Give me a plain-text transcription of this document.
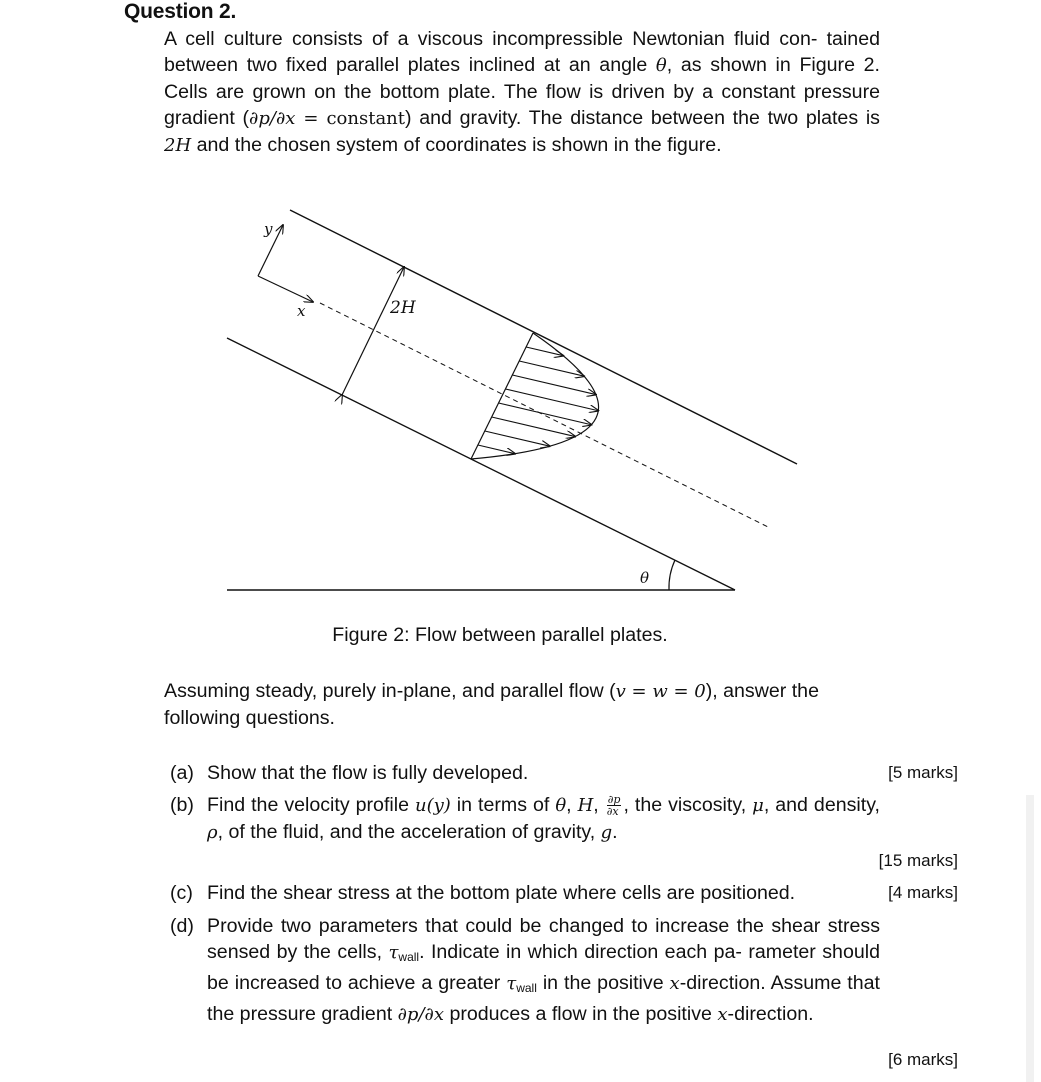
Question 2.
A cell culture consists of a viscous incompressible Newtonian fluid con- tained between two fixed parallel plates inclined at an angle θ, as shown in Figure 2. Cells are grown on the bottom plate. The flow is driven by a constant pressure gradient (∂p/∂x = constant) and gravity. The distance between the two plates is 2H and the chosen system of coordinates is shown in the figure.
y
x	2H
θ
Figure 2: Flow between parallel plates.
Assuming steady, purely in-plane, and parallel flow (v = w = 0), answer the following questions.
(a) Show that the flow is fully developed.	[5 marks]
(b) Find the velocity profile u(y) in terms of θ, H, $\frac{\partial p}{\partial x}$ , the viscosity, μ, and density, ρ, of the fluid, and the acceleration of gravity, g.
[15 marks]
(c) Find the shear stress at the bottom plate where cells are positioned.	[4 marks]
(d) Provide two parameters that could be changed to increase the shear stress sensed by the cells, $\tau_{wall}$. Indicate in which direction each pa- rameter should be increased to achieve a greater $\tau_{wall}$ in the positive x-direction. Assume that the pressure gradient ∂p/∂x produces a flow in the positive x-direction.
[6 marks]
